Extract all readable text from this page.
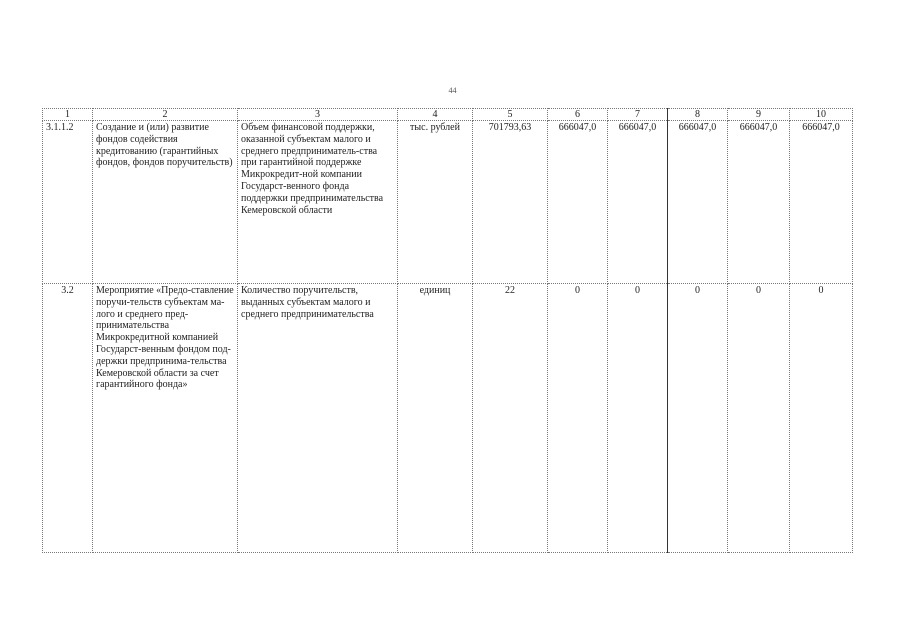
44
1	2	3	4	5	6	7	8	9	10
3.1.1.2	Создание и (или) развитие фондов содействия кредитованию (гарантийных фондов, фондов поручительств)	Объем финансовой поддержки, оказанной субъектам малого и среднего предприниматель-ства при гарантийной поддержке Микрокредит-ной компании Государст-венного фонда поддержки предпринимательства Кемеровской области	тыс. рублей	701793,63	666047,0	666047,0	666047,0	666047,0	666047,0
3.2	Мероприятие «Предо-ставление поручи-тельств субъектам ма-лого и среднего пред-принимательства Микрокредитной компанией Государст-венным фондом под-держки предпринима-тельства Кемеровской области за счет гарантийного фонда»	Количество поручительств, выданных субъектам малого и среднего предпринимательства	единиц	22	0	0	0	0	0
